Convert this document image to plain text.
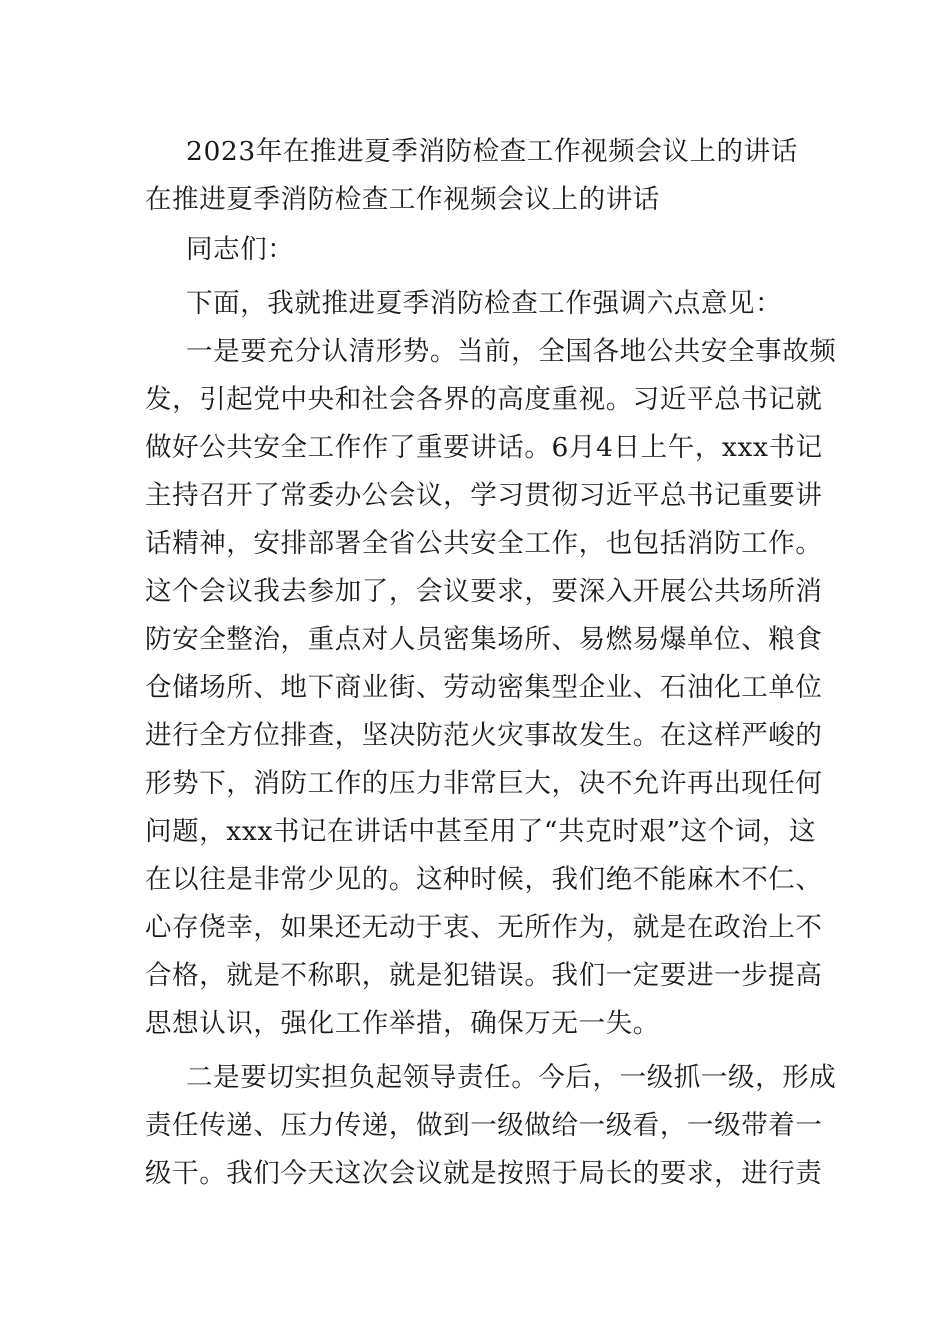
2023年在推进夏季消防检查工作视频会议上的讲话
在推进夏季消防检查工作视频会议上的讲话
同志们：
下面，我就推进夏季消防检查工作强调六点意见：
一是要充分认清形势。当前，全国各地公共安全事故频
发，引起党中央和社会各界的高度重视。习近平总书记就
做好公共安全工作作了重要讲话。6月4日上午，xxx书记
主持召开了常委办公会议，学习贯彻习近平总书记重要讲
话精神，安排部署全省公共安全工作，也包括消防工作。
这个会议我去参加了，会议要求，要深入开展公共场所消
防安全整治，重点对人员密集场所、易燃易爆单位、粮食
仓储场所、地下商业街、劳动密集型企业、石油化工单位
进行全方位排查，坚决防范火灾事故发生。在这样严峻的
形势下，消防工作的压力非常巨大，决不允许再出现任何
问题，xxx书记在讲话中甚至用了“共克时艰”这个词，这
在以往是非常少见的。这种时候，我们绝不能麻木不仁、
心存侥幸，如果还无动于衷、无所作为，就是在政治上不
合格，就是不称职，就是犯错误。我们一定要进一步提高
思想认识，强化工作举措，确保万无一失。
二是要切实担负起领导责任。今后，一级抓一级，形成
责任传递、压力传递，做到一级做给一级看，一级带着一
级干。我们今天这次会议就是按照于局长的要求，进行责
